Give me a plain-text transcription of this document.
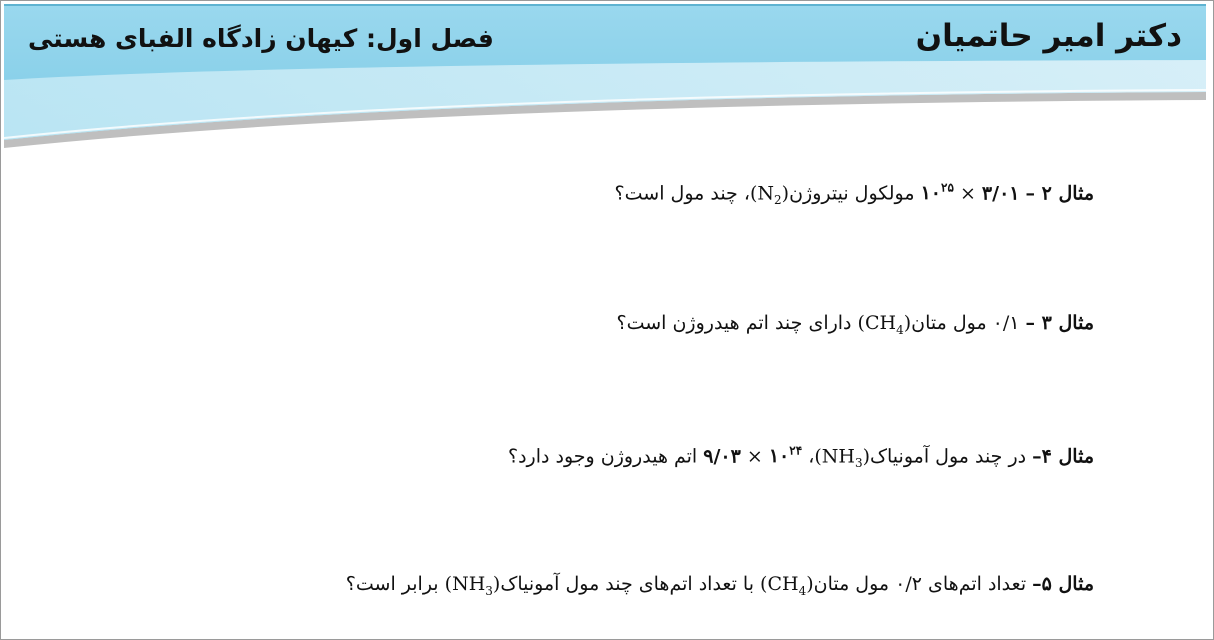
دکتر امیر حاتمیان
فصل اول: کیهان زادگاه الفبای هستی
مثال ۲ – ۳/۰۱ × $۱۰^{۲۵}$ مولکول $نیتروژن(N_2)،$ چند مول است؟
مثال ۳ – ۰/۱ مول $متان(CH_4)$ دارای چند اتم هیدروژن است؟
مثال ۴– در چند مول $آمونیاک(NH_3)،$ $۱۰^{۲۴}$ × ۹/۰۳ اتم هیدروژن وجود دارد؟
مثال ۵– تعداد اتم‌های ۰/۲ مول $متان(CH_4)$ با تعداد اتم‌های چند مول $آمونیاک(NH_3)$ برابر است؟
